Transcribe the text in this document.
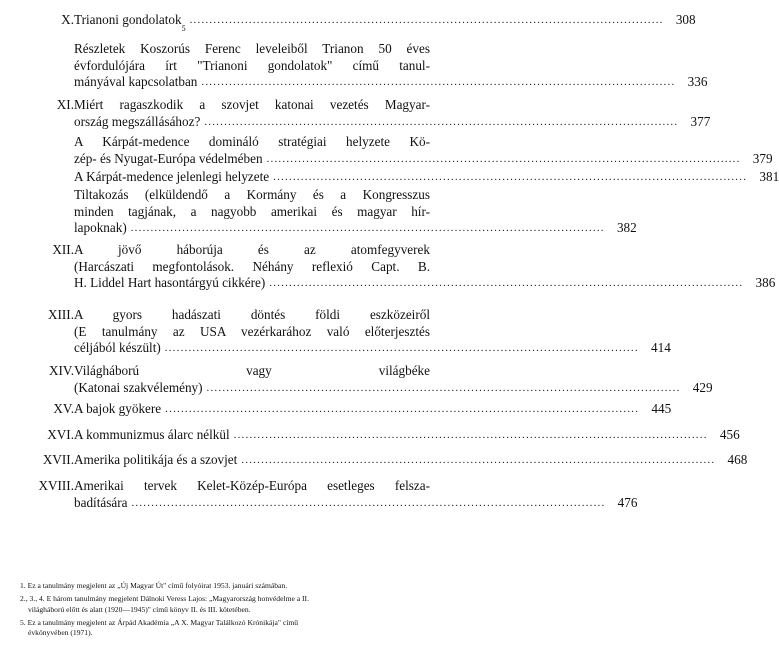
X. Trianoni gondolatok
5
........................................................................................................................ 308
Részletek Koszorús Ferenc leveleiből Trianon 50 éves
évfordulójára írt "Trianoni gondolatok" című tanul-
mányával kapcsolatban ........................................................................................................................ 336
XI. Miért ragaszkodik a szovjet katonai vezetés Magyar-
ország megszállásához? ........................................................................................................................ 377
A Kárpát-medence domináló stratégiai helyzete Kö-
zép- és Nyugat-Európa védelmében ........................................................................................................................ 379
A Kárpát-medence jelenlegi helyzete ........................................................................................................................ 381
Tiltakozás (elküldendő a Kormány és a Kongresszus
minden tagjának, a nagyobb amerikai és magyar hír-
lapoknak) ........................................................................................................................ 382
XII. A jövő háborúja és az atomfegyverek
(Harcászati megfontolások. Néhány reflexió Capt. B.
H. Liddel Hart hasontárgyú cikkére) ........................................................................................................................ 386
XIII. A gyors hadászati döntés földi eszközeiről
(E tanulmány az USA vezérkarához való előterjesztés
céljából készült) ........................................................................................................................ 414
XIV. Világháború vagy világbéke
(Katonai szakvélemény) ........................................................................................................................ 429
XV. A bajok gyökere ........................................................................................................................ 445
XVI. A kommunizmus álarc nélkül ........................................................................................................................ 456
XVII. Amerika politikája és a szovjet ........................................................................................................................ 468
XVIII. Amerikai tervek Kelet-Közép-Európa esetleges felsza-
badítására ........................................................................................................................ 476
1. Ez a tanulmány megjelent az „Új Magyar Út" című folyóirat 1953. januári számában.
2., 3., 4. E három tanulmány megjelent Dálnoki Veress Lajos: „Magyarország honvédelme a II.
világháború előtt és alatt (1920—1945)" című könyv II. és III. kötetében.
5. Ez a tanulmány megjelent az Árpád Akadémia „A X. Magyar Találkozó Krónikája" című
évkönyvében (1971).
